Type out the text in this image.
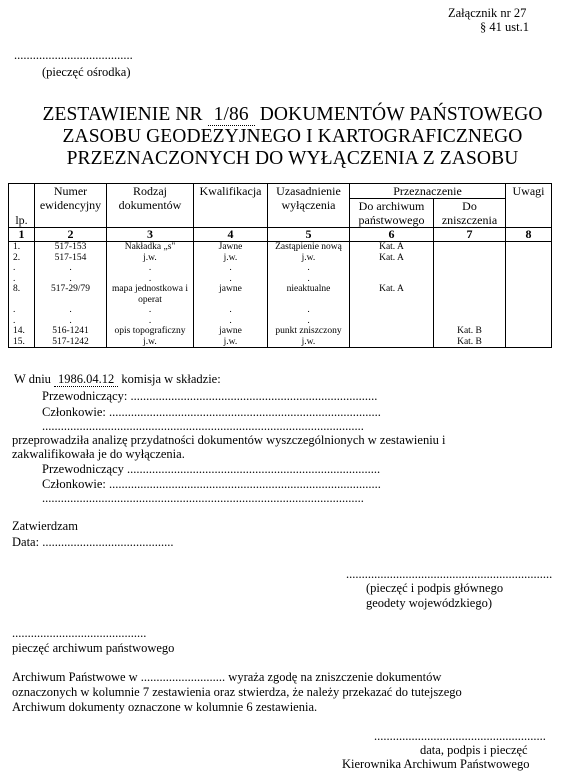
Załącznik nr 27
§ 41 ust.1
......................................
(pieczęć ośrodka)
ZESTAWIENIE NR 1/86 DOKUMENTÓW PAŃSTOWEGO
ZASOBU GEODEZYJNEGO I KARTOGRAFICZNEGO
PRZEZNACZONYCH DO WYŁĄCZENIA Z ZASOBU
lp.	Numer ewidencyjny	Rodzaj dokumentów	Kwalifikacja	Uzasadnienie wyłączenia	Przeznaczenie		Uwagi
					Do archiwum państwowego	Do zniszczenia	
1	2	3	4	5	6	7	8
1.	517-153	Nakładka „s"	Jawne	Zastąpienie nową	Kat. A		
2.	517-154	j.w.	j.w.	j.w.	Kat. A		
.	.	.	.	.			
.	.	.	.	.			
8.	517-29/79	mapa jednostkowa i operat	jawne	nieaktualne	Kat. A		
.	.	.	.	.			
.	.	.	.	.			
14.	516-1241	opis topograficzny	jawne	punkt zniszczony		Kat. B	
15.	517-1242	j.w.	j.w.	j.w.		Kat. B	
W dniu 1986.04.12 komisja w składzie:
Przewodniczący: ...............................................................................
Członkowie: .......................................................................................
.......................................................................................................
przeprowadziła analizę przydatności dokumentów wyszczególnionych w zestawieniu i
zakwalifikowała je do wyłączenia.
Przewodniczący .................................................................................
Członkowie: .......................................................................................
.......................................................................................................
Zatwierdzam
Data: ..........................................
..................................................................
(pieczęć i podpis głównego
geodety wojewódzkiego)
...........................................
pieczęć archiwum państwowego
Archiwum Państwowe w ........................... wyraża zgodę na zniszczenie dokumentów
oznaczonych w kolumnie 7 zestawienia oraz stwierdza, że należy przekazać do tutejszego
Archiwum dokumenty oznaczone w kolumnie 6 zestawienia.
.......................................................
data, podpis i pieczęć
Kierownika Archiwum Państwowego
